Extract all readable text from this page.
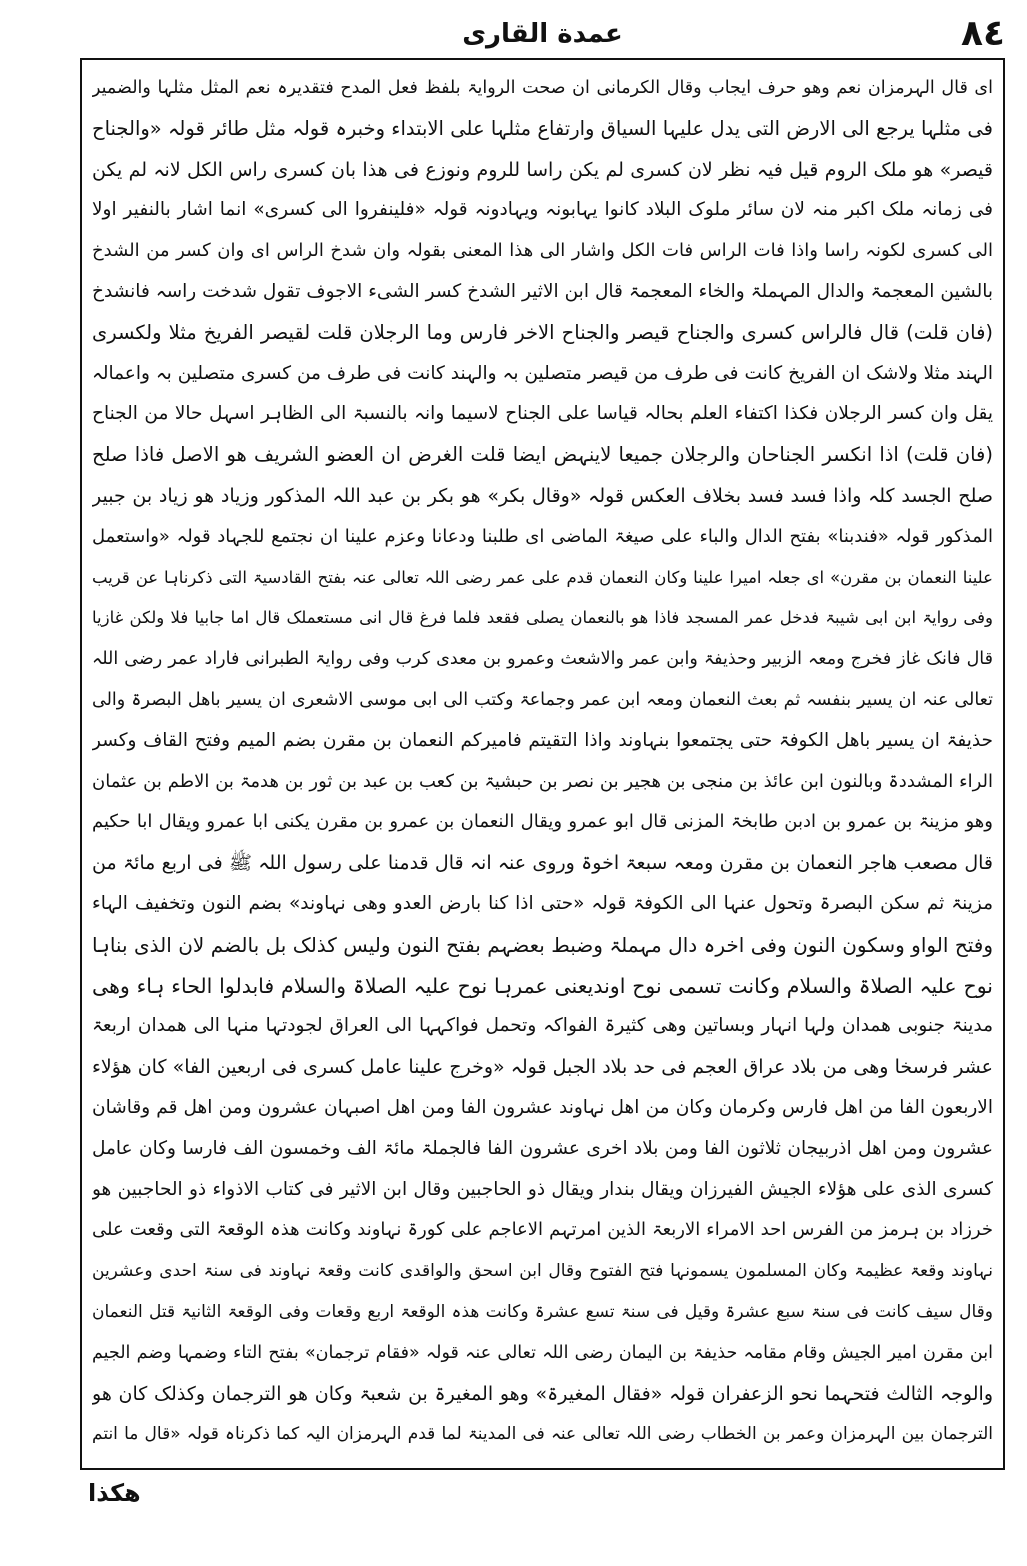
عمدة القاری	٨٤
ای قال الہرمزان نعم وھو حرف ایجاب وقال الکرمانی ان صحت الروایۃ بلفظ فعل المدح فتقدیرہ نعم المثل مثلہا والضمیر
فی مثلہا یرجع الی الارض التی یدل علیہا السیاق وارتفاع مثلہا علی الابتداء وخبرہ قولہ مثل طائر قولہ «والجناح
قیصر» ھو ملک الروم قیل فیہ نظر لان کسری لم یکن راسا للروم ونوزع فی ھذا بان کسری راس الکل لانہ لم یکن
فی زمانہ ملک اکبر منہ لان سائر ملوک البلاد کانوا یہابونہ ویہادونہ قولہ «فلینفروا الی کسری» انما اشار بالنفیر اولا
الی کسری لکونہ راسا واذا فات الراس فات الکل واشار الی ھذا المعنی بقولہ وان شدخ الراس ای وان کسر من الشدخ
بالشین المعجمۃ والدال المہملۃ والخاء المعجمۃ قال ابن الاثیر الشدخ کسر الشیء الاجوف تقول شدخت راسہ فانشدخ
(فان قلت) قال فالراس کسری والجناح قیصر والجناح الاخر فارس وما الرجلان قلت لقیصر الفریخ مثلا ولکسری
الہند مثلا ولاشک ان الفریخ کانت فی طرف من قیصر متصلین بہ والہند کانت فی طرف من کسری متصلین بہ واعمالہ
یقل وان کسر الرجلان فکذا اکتفاء العلم بحالہ قیاسا علی الجناح لاسیما وانہ بالنسبۃ الی الظاہر اسہل حالا من الجناح
(فان قلت) اذا انکسر الجناحان والرجلان جمیعا لاینہض ایضا قلت الغرض ان العضو الشریف ھو الاصل فاذا صلح
صلح الجسد کلہ واذا فسد فسد بخلاف العکس قولہ «وقال بکر» ھو بکر بن عبد اللہ المذکور وزیاد ھو زیاد بن جبیر
المذکور قولہ «فندبنا» بفتح الدال والباء علی صیغۃ الماضی ای طلبنا ودعانا وعزم علینا ان نجتمع للجہاد قولہ «واستعمل
علینا النعمان بن مقرن» ای جعلہ امیرا علینا وکان النعمان قدم علی عمر رضی اللہ تعالی عنہ بفتح القادسیۃ التی ذکرناہا عن قریب
وفی روایۃ ابن ابی شیبۃ فدخل عمر المسجد فاذا ھو بالنعمان یصلی فقعد فلما فرغ قال انی مستعملک قال اما جابیا فلا ولکن غازیا
قال فانک غاز فخرج ومعہ الزبیر وحذیفۃ وابن عمر والاشعث وعمرو بن معدی کرب وفی روایۃ الطبرانی فاراد عمر رضی اللہ
تعالی عنہ ان یسیر بنفسہ ثم بعث النعمان ومعہ ابن عمر وجماعۃ وکتب الی ابی موسی الاشعری ان یسیر باھل البصرۃ والی
حذیفۃ ان یسیر باھل الکوفۃ حتی یجتمعوا بنہاوند واذا التقیتم فامیرکم النعمان بن مقرن بضم المیم وفتح القاف وکسر
الراء المشددۃ وبالنون ابن عائذ بن منجی بن ھجیر بن نصر بن حبشیۃ بن کعب بن عبد بن ثور بن ھدمۃ بن الاطم بن عثمان
وھو مزینۃ بن عمرو بن ادبن طابخۃ المزنی قال ابو عمرو ویقال النعمان بن عمرو بن مقرن یکنی ابا عمرو ویقال ابا حکیم
قال مصعب ھاجر النعمان بن مقرن ومعہ سبعۃ اخوۃ وروی عنہ انہ قال قدمنا علی رسول اللہ ﷺ فی اربع مائۃ من
مزینۃ ثم سکن البصرۃ وتحول عنہا الی الکوفۃ قولہ «حتی اذا کنا بارض العدو وھی نہاوند» بضم النون وتخفیف الہاء
وفتح الواو وسکون النون وفی اخرہ دال مہملۃ وضبط بعضہم بفتح النون ولیس کذلک بل بالضم لان الذی بناہا
نوح علیہ الصلاۃ والسلام وکانت تسمی نوح اوندیعنی عمرہا نوح علیہ الصلاۃ والسلام فابدلوا الحاء ہاء وھی
مدینۃ جنوبی ھمدان ولہا انہار وبساتین وھی کثیرۃ الفواکہ وتحمل فواکہہا الی العراق لجودتہا منہا الی ھمدان اربعۃ
عشر فرسخا وھی من بلاد عراق العجم فی حد بلاد الجبل قولہ «وخرج علینا عامل کسری فی اربعین الفا» کان ھؤلاء
الاربعون الفا من اھل فارس وکرمان وکان من اھل نہاوند عشرون الفا ومن اھل اصبہان عشرون ومن اھل قم وقاشان
عشرون ومن اھل اذربیجان ثلاثون الفا ومن بلاد اخری عشرون الفا فالجملۃ مائۃ الف وخمسون الف فارسا وکان عامل
کسری الذی علی ھؤلاء الجیش الفیرزان ویقال بندار ویقال ذو الحاجبین وقال ابن الاثیر فی کتاب الاذواء ذو الحاجبین ھو
خرزاد بن ہرمز من الفرس احد الامراء الاربعۃ الذین امرتہم الاعاجم علی کورۃ نہاوند وکانت ھذہ الوقعۃ التی وقعت علی
نہاوند وقعۃ عظیمۃ وکان المسلمون یسمونہا فتح الفتوح وقال ابن اسحق والواقدی کانت وقعۃ نہاوند فی سنۃ احدی وعشرین
وقال سیف کانت فی سنۃ سبع عشرۃ وقیل فی سنۃ تسع عشرۃ وکانت ھذہ الوقعۃ اربع وقعات وفی الوقعۃ الثانیۃ قتل النعمان
ابن مقرن امیر الجیش وقام مقامہ حذیفۃ بن الیمان رضی اللہ تعالی عنہ قولہ «فقام ترجمان» بفتح التاء وضمہا وضم الجیم
والوجہ الثالث فتحہما نحو الزعفران قولہ «فقال المغیرۃ» وھو المغیرۃ بن شعبۃ وکان ھو الترجمان وکذلک کان ھو
الترجمان بین الہرمزان وعمر بن الخطاب رضی اللہ تعالی عنہ فی المدینۃ لما قدم الہرمزان الیہ کما ذکرناہ قولہ «قال ما انتم
ھکذا
